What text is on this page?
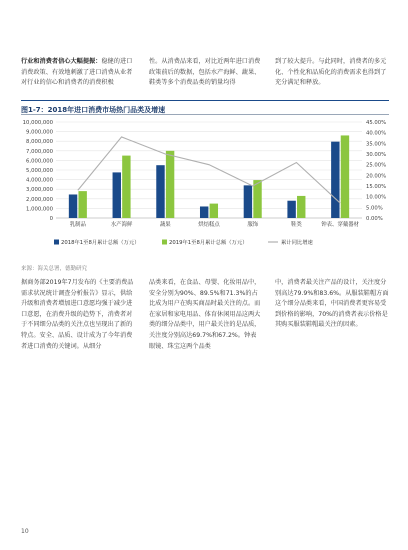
行业和消费者信心大幅提振：稳健的进口消费政策、有效地刺激了进口消费从业者对行业的信心和消费者的消费积极
性。从消费品来看，对比近两年进口消费政策前后的数据，包括水产海鲜、蔬果、鞋类等多个消费品类的销量均得
到了较大提升。与此同时，消费者的多元化、个性化和品质化的消费需求也得到了充分满足和释放。
图1-7：2018年进口消费市场热门品类及增速
0
1,000,000
2,000,000
3,000,000
4,000,000
5,000,000
6,000,000
7,000,000
8,000,000
9,000,000
10,000,000
0.00%
5.00%
10.00%
15.00%
20.00%
25.00%
30.00%
35.00%
40.00%
45.00%
乳制品	水产海鲜	蔬果	烘焙糕点	服饰	鞋类	钟表、穿戴器材
2018年1至8月累计总额（万元）	2019年1至8月累计总额（万元）	累计同比增速
来源：海关总署，德勤研究
据商务部2019年7月发布的《主要消费品需求状况统计调查分析报告》显示，供给升级和消费者增加进口意愿均强于减少进口意愿，在消费升级的趋势下，消费者对于不同细分品类的关注点也呈现出了新的特点。安全、品质、设计成为了今年消费者进口消费的关键词。从细分
品类来看，在食品、母婴、化妆用品中，安全分别为90%、89.5%和71.3%的占比成为用户在购买商品时最关注的点。而在家居和家电用品、体育休闲用品这两大类的细分品类中，用户最关注的是品质，关注度分别高达69.7%和67.2%。钟表眼镜、珠宝这两个品类
中，消费者最关注产品的设计，关注度分别高达79.9%和83.6%。从服装鞋帽方面这个细分品类来看，中国消费者更容易受到价格的影响，70%的消费者表示价格是其购买服装鞋帽最关注的因素。
10
